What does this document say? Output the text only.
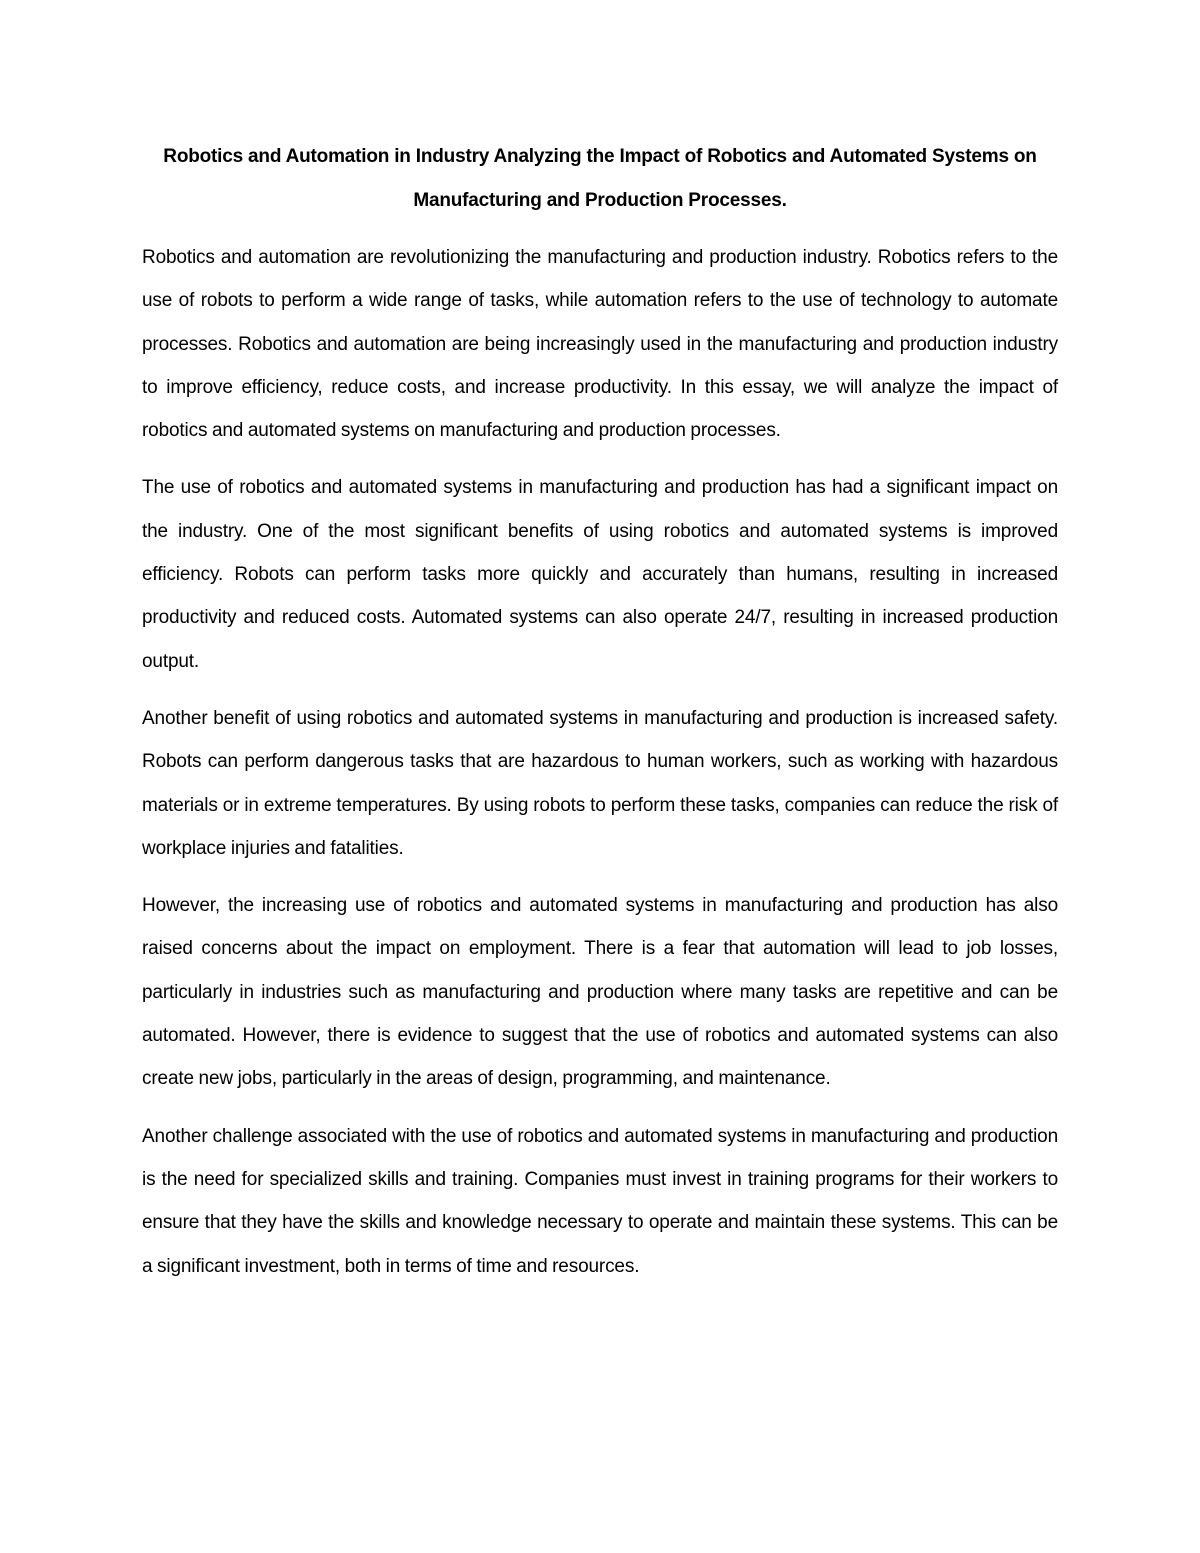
Robotics and Automation in Industry Analyzing the Impact of Robotics and Automated Systems on Manufacturing and Production Processes.

Robotics and automation are revolutionizing the manufacturing and production industry. Robotics refers to the use of robots to perform a wide range of tasks, while automation refers to the use of technology to automate processes. Robotics and automation are being increasingly used in the manufacturing and production industry to improve efficiency, reduce costs, and increase productivity. In this essay, we will analyze the impact of robotics and automated systems on manufacturing and production processes.

The use of robotics and automated systems in manufacturing and production has had a significant impact on the industry. One of the most significant benefits of using robotics and automated systems is improved efficiency. Robots can perform tasks more quickly and accurately than humans, resulting in increased productivity and reduced costs. Automated systems can also operate 24/7, resulting in increased production output.

Another benefit of using robotics and automated systems in manufacturing and production is increased safety. Robots can perform dangerous tasks that are hazardous to human workers, such as working with hazardous materials or in extreme temperatures. By using robots to perform these tasks, companies can reduce the risk of workplace injuries and fatalities.

However, the increasing use of robotics and automated systems in manufacturing and production has also raised concerns about the impact on employment. There is a fear that automation will lead to job losses, particularly in industries such as manufacturing and production where many tasks are repetitive and can be automated. However, there is evidence to suggest that the use of robotics and automated systems can also create new jobs, particularly in the areas of design, programming, and maintenance.

Another challenge associated with the use of robotics and automated systems in manufacturing and production is the need for specialized skills and training. Companies must invest in training programs for their workers to ensure that they have the skills and knowledge necessary to operate and maintain these systems. This can be a significant investment, both in terms of time and resources.
